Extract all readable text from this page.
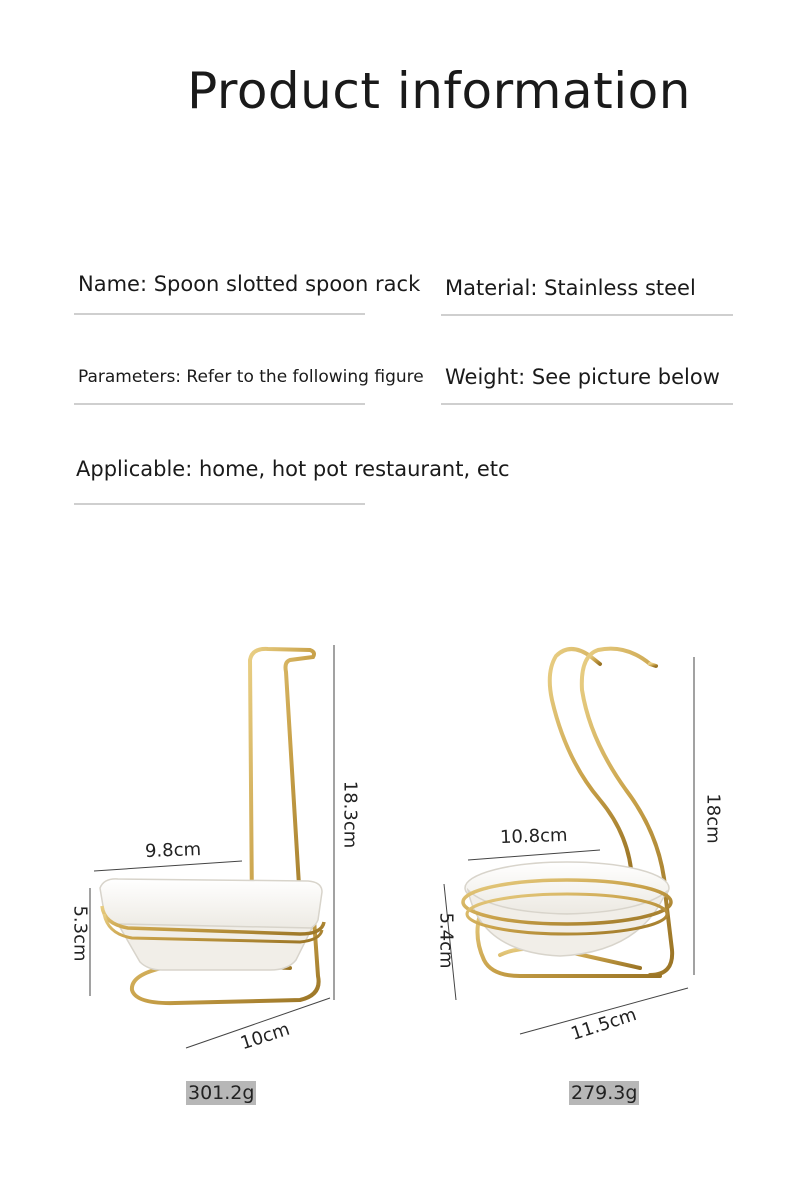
Product information
Name: Spoon slotted spoon rack Material: Stainless steel
Parameters: Refer to the following figure Weight: See picture below
Applicable: home, hot pot restaurant, etc
9.8cm
5.3cm
18.3cm
10cm
10.8cm
5.4cm
18cm
11.5cm
301.2g	279.3g
